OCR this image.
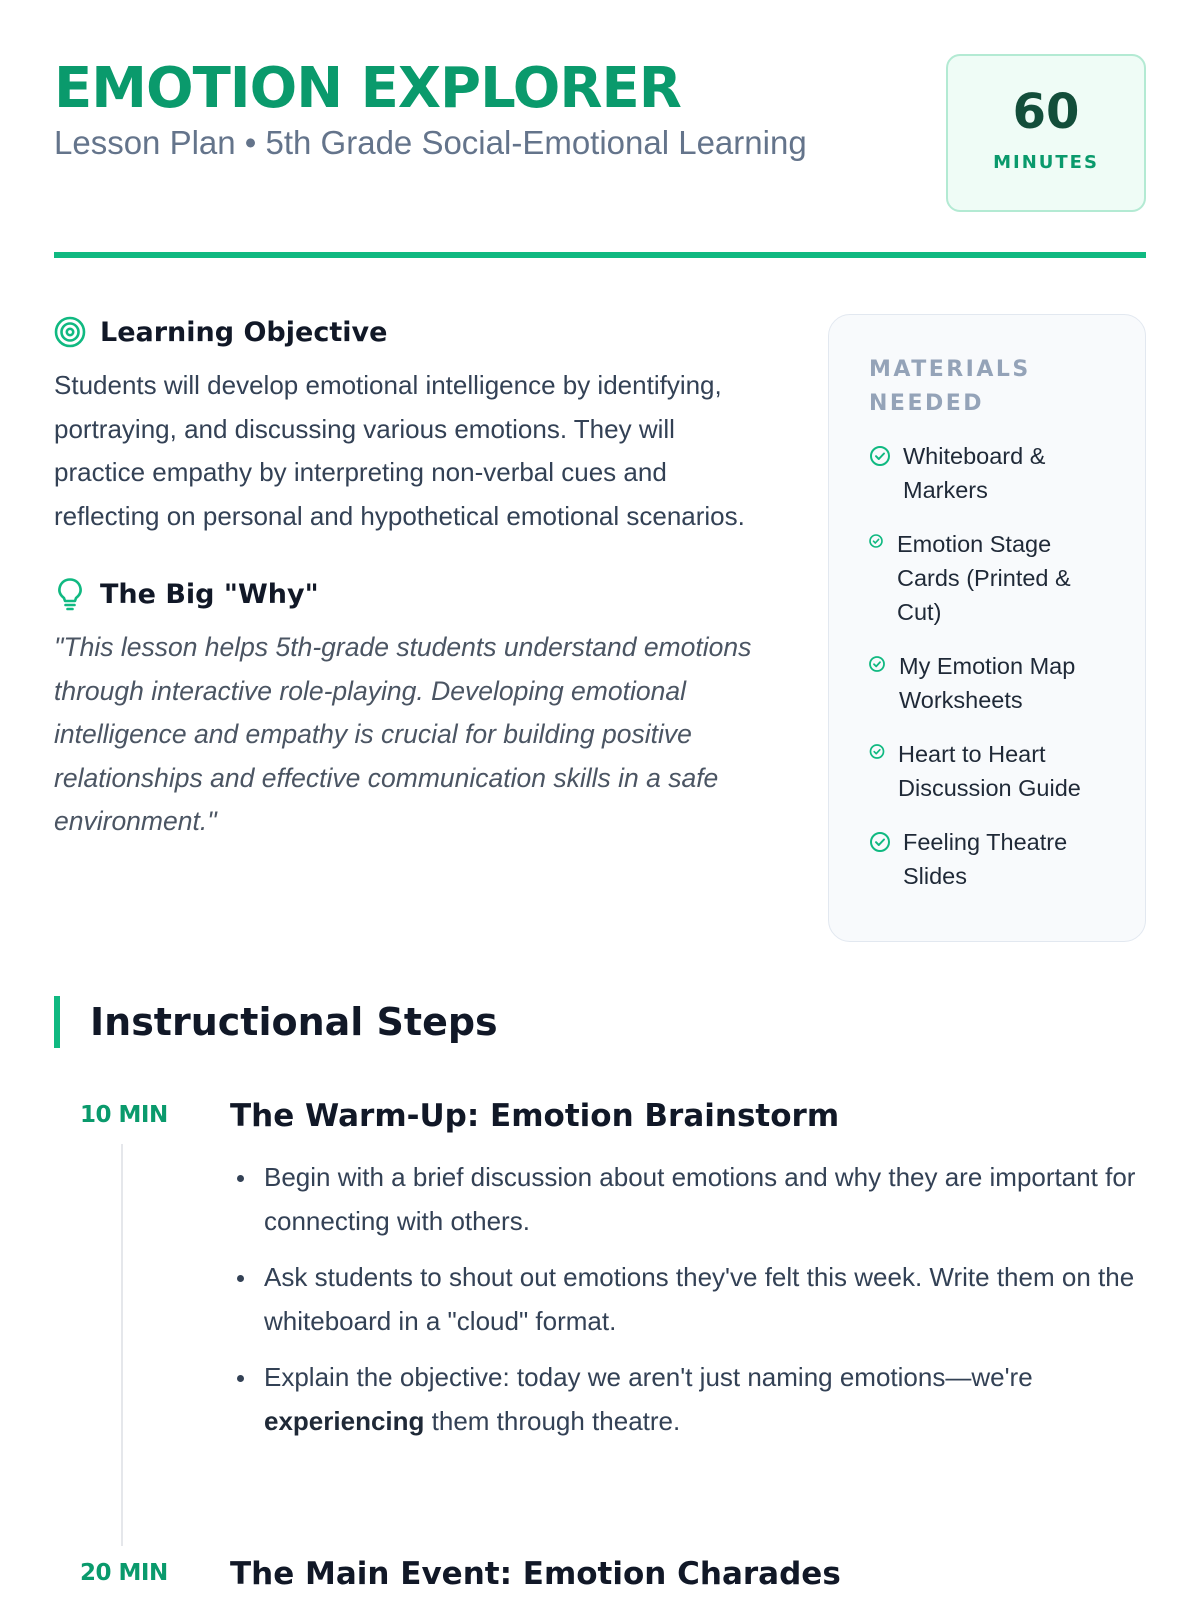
EMOTION EXPLORER
Lesson Plan • 5th Grade Social-Emotional Learning
60
MINUTES
Learning Objective

Students will develop emotional intelligence by identifying, portraying, and discussing various emotions. They will practice empathy by interpreting non-verbal cues and reflecting on personal and hypothetical emotional scenarios.

The Big "Why"

"This lesson helps 5th-grade students understand emotions through interactive role-playing. Developing emotional intelligence and empathy is crucial for building positive relationships and effective communication skills in a safe environment."

MATERIALS NEEDED
Whiteboard & Markers
Emotion Stage Cards (Printed & Cut)
My Emotion Map Worksheets
Heart to Heart Discussion Guide
Feeling Theatre Slides
Instructional Steps
10 MIN The Warm-Up: Emotion Brainstorm
Begin with a brief discussion about emotions and why they are important for connecting with others.
Ask students to shout out emotions they've felt this week. Write them on the whiteboard in a "cloud" format.
Explain the objective: today we aren't just naming emotions—we're experiencing them through theatre.
20 MIN The Main Event: Emotion Charades
